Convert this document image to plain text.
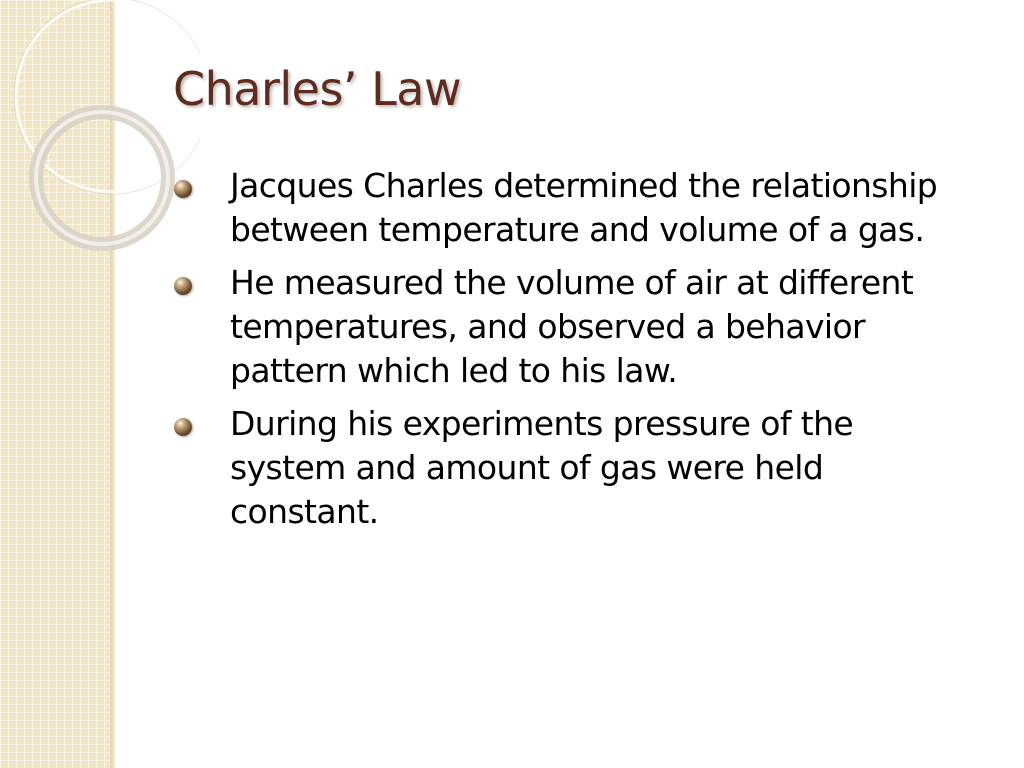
Charles’ Law
Jacques Charles determined the relationship between temperature and volume of a gas.
He measured the volume of air at different temperatures, and observed a behavior pattern which led to his law.
During his experiments pressure of the system and amount of gas were held constant.
